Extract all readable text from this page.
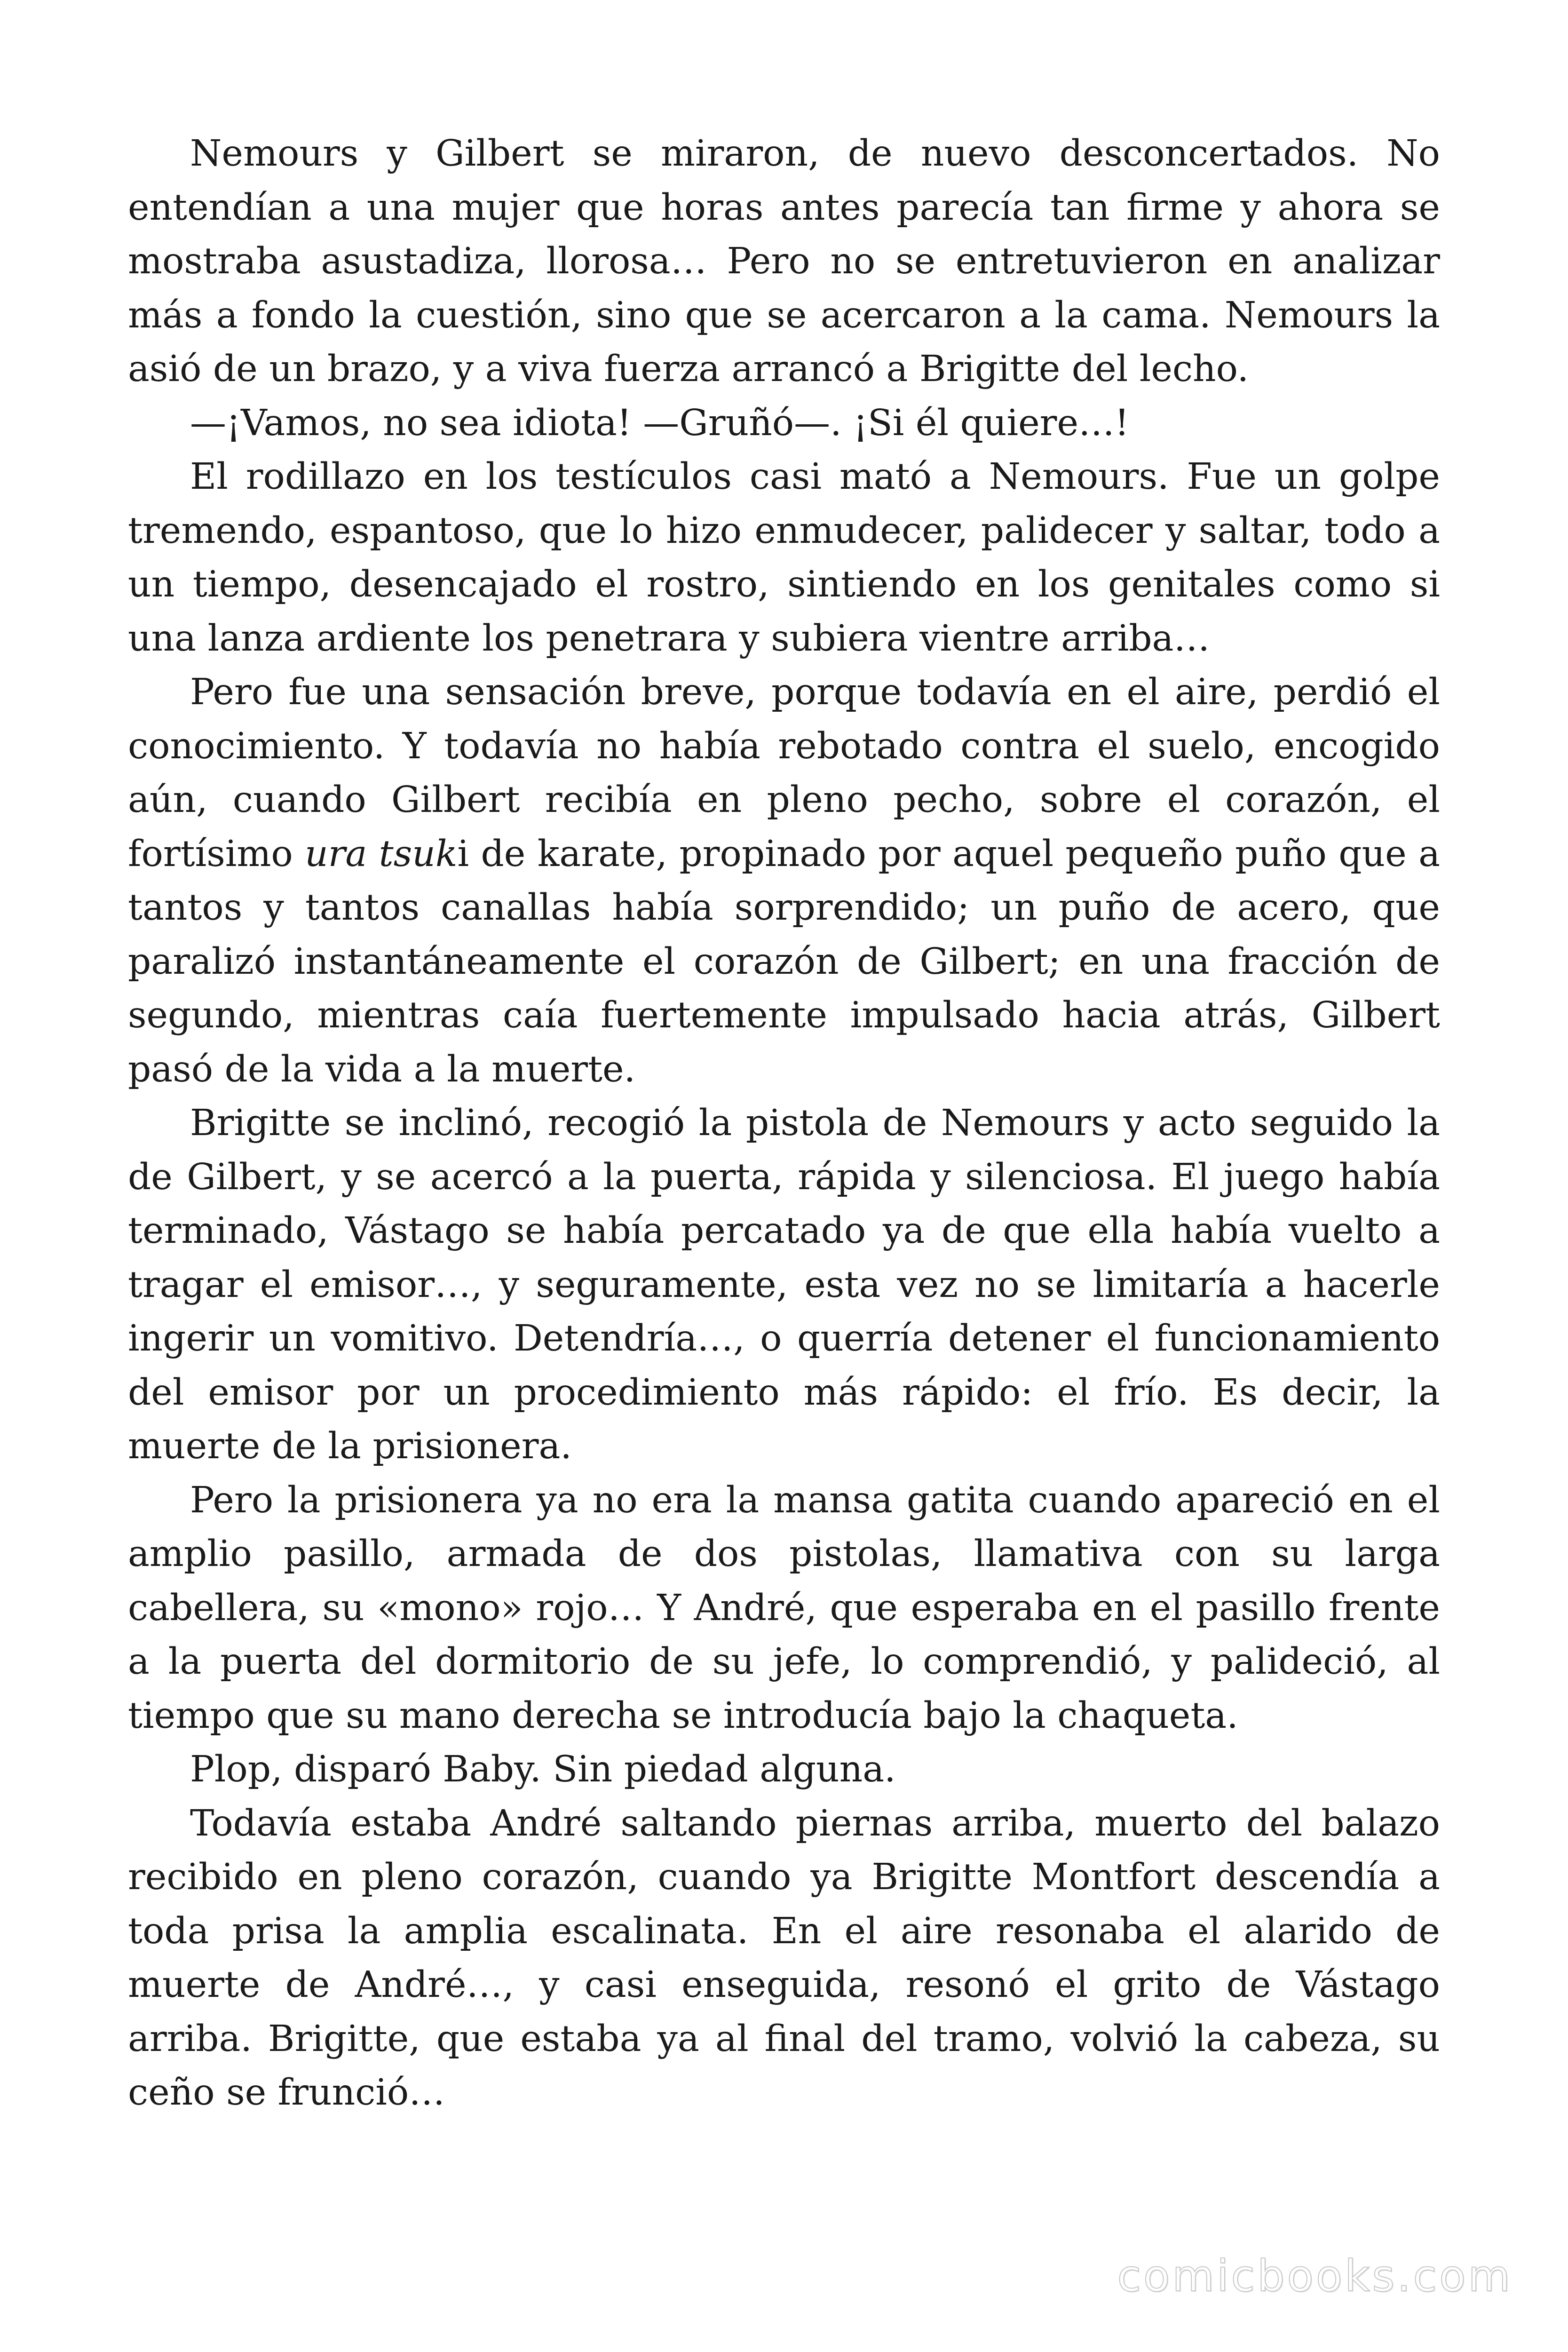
Nemours y Gilbert se miraron, de nuevo desconcertados. No entendían a una mujer que horas antes parecía tan firme y ahora se mostraba asustadiza, llorosa… Pero no se entretuvieron en analizar más a fondo la cuestión, sino que se acercaron a la cama. Nemours la asió de un brazo, y a viva fuerza arrancó a Brigitte del lecho.

—¡Vamos, no sea idiota! —Gruñó—. ¡Si él quiere…!

El rodillazo en los testículos casi mató a Nemours. Fue un golpe tremendo, espantoso, que lo hizo enmudecer, palidecer y saltar, todo a un tiempo, desencajado el rostro, sintiendo en los genitales como si una lanza ardiente los penetrara y subiera vientre arriba…

Pero fue una sensación breve, porque todavía en el aire, perdió el conocimiento. Y todavía no había rebotado contra el suelo, encogido aún, cuando Gilbert recibía en pleno pecho, sobre el corazón, el fortísimo ura tsuki de karate, propinado por aquel pequeño puño que a tantos y tantos canallas había sorprendido; un puño de acero, que paralizó instantáneamente el corazón de Gilbert; en una fracción de segundo, mientras caía fuertemente impulsado hacia atrás, Gilbert pasó de la vida a la muerte.

Brigitte se inclinó, recogió la pistola de Nemours y acto seguido la de Gilbert, y se acercó a la puerta, rápida y silenciosa. El juego había terminado, Vástago se había percatado ya de que ella había vuelto a tragar el emisor…, y seguramente, esta vez no se limitaría a hacerle ingerir un vomitivo. Detendría…, o querría detener el funcionamiento del emisor por un procedimiento más rápido: el frío. Es decir, la muerte de la prisionera.

Pero la prisionera ya no era la mansa gatita cuando apareció en el amplio pasillo, armada de dos pistolas, llamativa con su larga cabellera, su «mono» rojo… Y André, que esperaba en el pasillo frente a la puerta del dormitorio de su jefe, lo comprendió, y palideció, al tiempo que su mano derecha se introducía bajo la chaqueta.

Plop, disparó Baby. Sin piedad alguna.

Todavía estaba André saltando piernas arriba, muerto del balazo recibido en pleno corazón, cuando ya Brigitte Montfort descendía a toda prisa la amplia escalinata. En el aire resonaba el alarido de muerte de André…, y casi enseguida, resonó el grito de Vástago arriba. Brigitte, que estaba ya al final del tramo, volvió la cabeza, su ceño se frunció…

comicbooks.com
